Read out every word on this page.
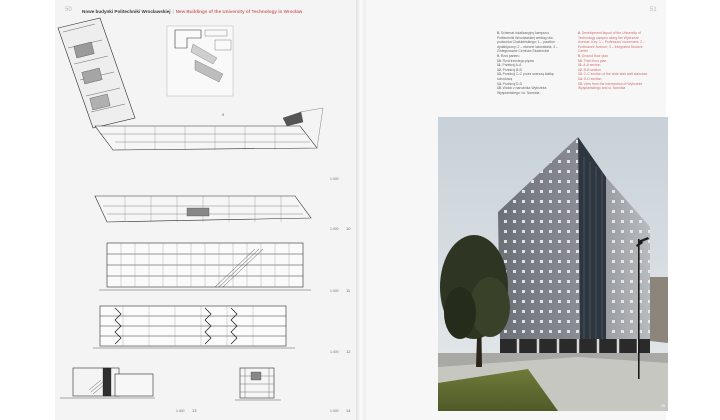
50	51
Nowe budynki Politechniki Wrocławskiej | New Buildings of the University of Technology in Wrocław
9
1:400
10
1:400
11
1:400
12
1:400
13
1:400	14
1:400

8. Schemat lokalizacyjny kampusu Politechniki Wrocławskiej według ulic: podwórka Chałubińskiego; 1 – pawilon dydaktyczny; 2 – obecne laboratoria; 3 – Zintegrowane Centrum Studenckie

9. Rzut parteru

10. Rzut trzeciego piętra

11. Przekrój A-A

12. Przekrój B-B

13. Przekrój C-C przez szerszą klatkę schodową

14. Przekrój D-D

15. Widok z narożnika Wybrzeża Wyspiańskiego i ul. Norwida

8. Development layout of the University of Technology campus along the Wybrzeże Avenue. Key: 1 – Professors' movement; 2 – Professors' Avenue; 3 – Integrated Student Center

9. Ground floor plan

10. Third floor plan

11. A-A section

12. B-B section

13. C-C section of the wide stair well staircase

14. D-D section

15. View from the intersection of Wybrzeże Wyspiańskiego and ul. Norwida

15
